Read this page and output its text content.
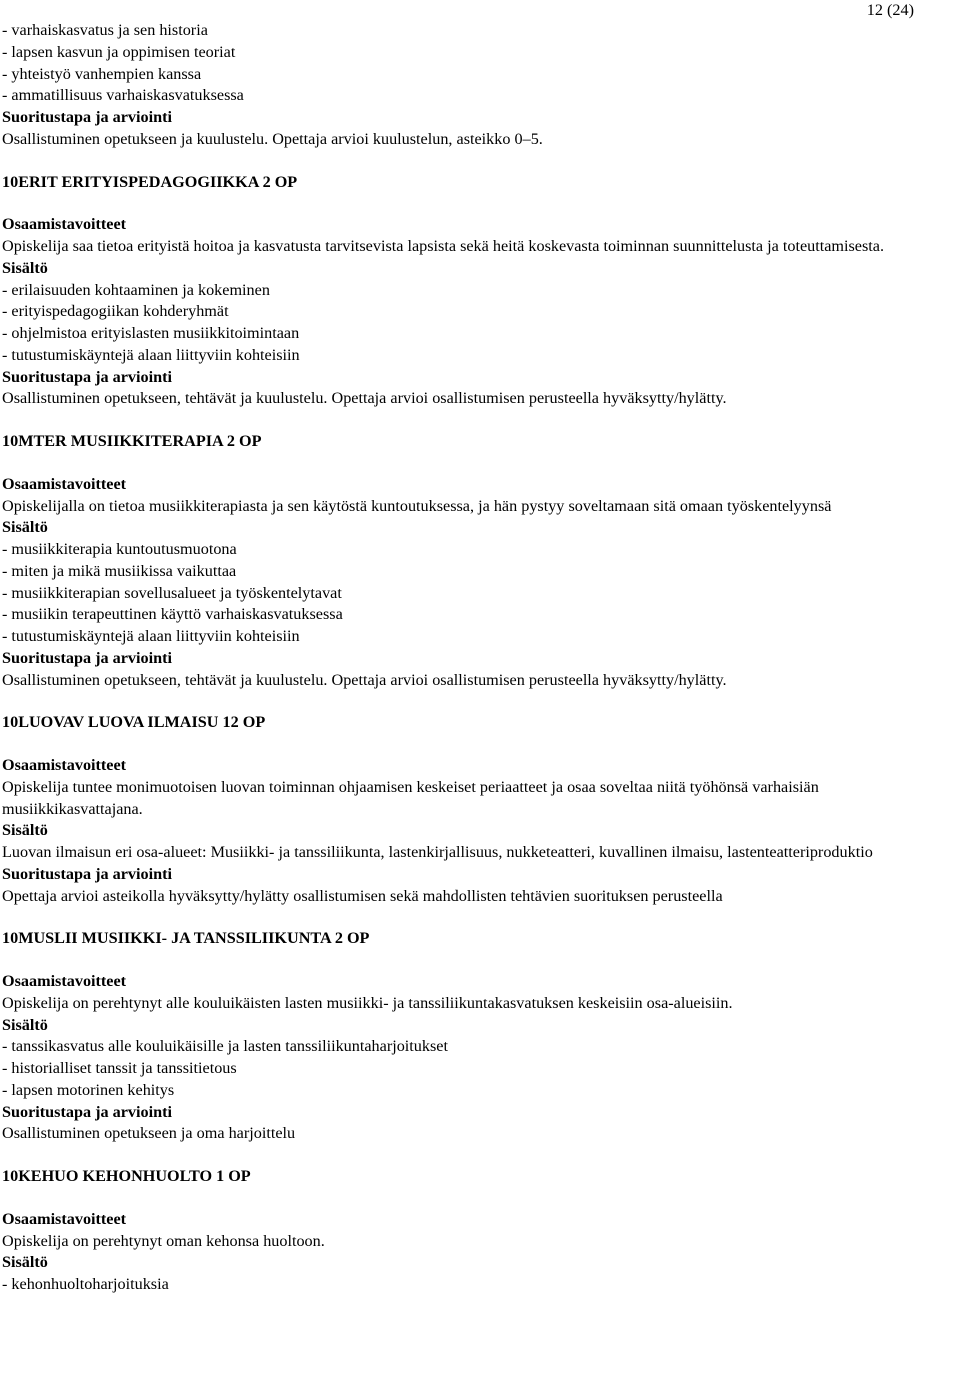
12 (24)

- varhaiskasvatus ja sen historia

- lapsen kasvun ja oppimisen teoriat

- yhteistyö vanhempien kanssa

- ammatillisuus varhaiskasvatuksessa

Suoritustapa ja arviointi

Osallistuminen opetukseen ja kuulustelu. Opettaja arvioi kuulustelun, asteikko 0–5.

10ERIT ERITYISPEDAGOGIIKKA 2 OP

Osaamistavoitteet

Opiskelija saa tietoa erityistä hoitoa ja kasvatusta tarvitsevista lapsista sekä heitä koskevasta toiminnan suunnittelusta ja toteuttamisesta.

Sisältö

- erilaisuuden kohtaaminen ja kokeminen

- erityispedagogiikan kohderyhmät

- ohjelmistoa erityislasten musiikkitoimintaan

- tutustumiskäyntejä alaan liittyviin kohteisiin

Suoritustapa ja arviointi

Osallistuminen opetukseen, tehtävät ja kuulustelu. Opettaja arvioi osallistumisen perusteella hyväksytty/hylätty.

10MTER MUSIIKKITERAPIA 2 OP

Osaamistavoitteet

Opiskelijalla on tietoa musiikkiterapiasta ja sen käytöstä kuntoutuksessa, ja hän pystyy soveltamaan sitä omaan työskentelyynsä

Sisältö

- musiikkiterapia kuntoutusmuotona

- miten ja mikä musiikissa vaikuttaa

- musiikkiterapian sovellusalueet ja työskentelytavat

- musiikin terapeuttinen käyttö varhaiskasvatuksessa

- tutustumiskäyntejä alaan liittyviin kohteisiin

Suoritustapa ja arviointi

Osallistuminen opetukseen, tehtävät ja kuulustelu. Opettaja arvioi osallistumisen perusteella hyväksytty/hylätty.

10LUOVAV LUOVA ILMAISU 12 OP

Osaamistavoitteet

Opiskelija tuntee monimuotoisen luovan toiminnan ohjaamisen keskeiset periaatteet ja osaa soveltaa niitä työhönsä varhaisiän musiikkikasvattajana.

Sisältö

Luovan ilmaisun eri osa-alueet: Musiikki- ja tanssiliikunta, lastenkirjallisuus, nukketeatteri, kuvallinen ilmaisu, lastenteatteriproduktio

Suoritustapa ja arviointi

Opettaja arvioi asteikolla hyväksytty/hylätty osallistumisen sekä mahdollisten tehtävien suorituksen perusteella

10MUSLII MUSIIKKI- JA TANSSILIIKUNTA 2 OP

Osaamistavoitteet

Opiskelija on perehtynyt alle kouluikäisten lasten musiikki- ja tanssiliikuntakasvatuksen keskeisiin osa-alueisiin.

Sisältö

- tanssikasvatus alle kouluikäisille ja lasten tanssiliikuntaharjoitukset

- historialliset tanssit ja tanssitietous

- lapsen motorinen kehitys

Suoritustapa ja arviointi

Osallistuminen opetukseen ja oma harjoittelu

10KEHUO KEHONHUOLTO 1 OP

Osaamistavoitteet

Opiskelija on perehtynyt oman kehonsa huoltoon.

Sisältö

- kehonhuoltoharjoituksia
